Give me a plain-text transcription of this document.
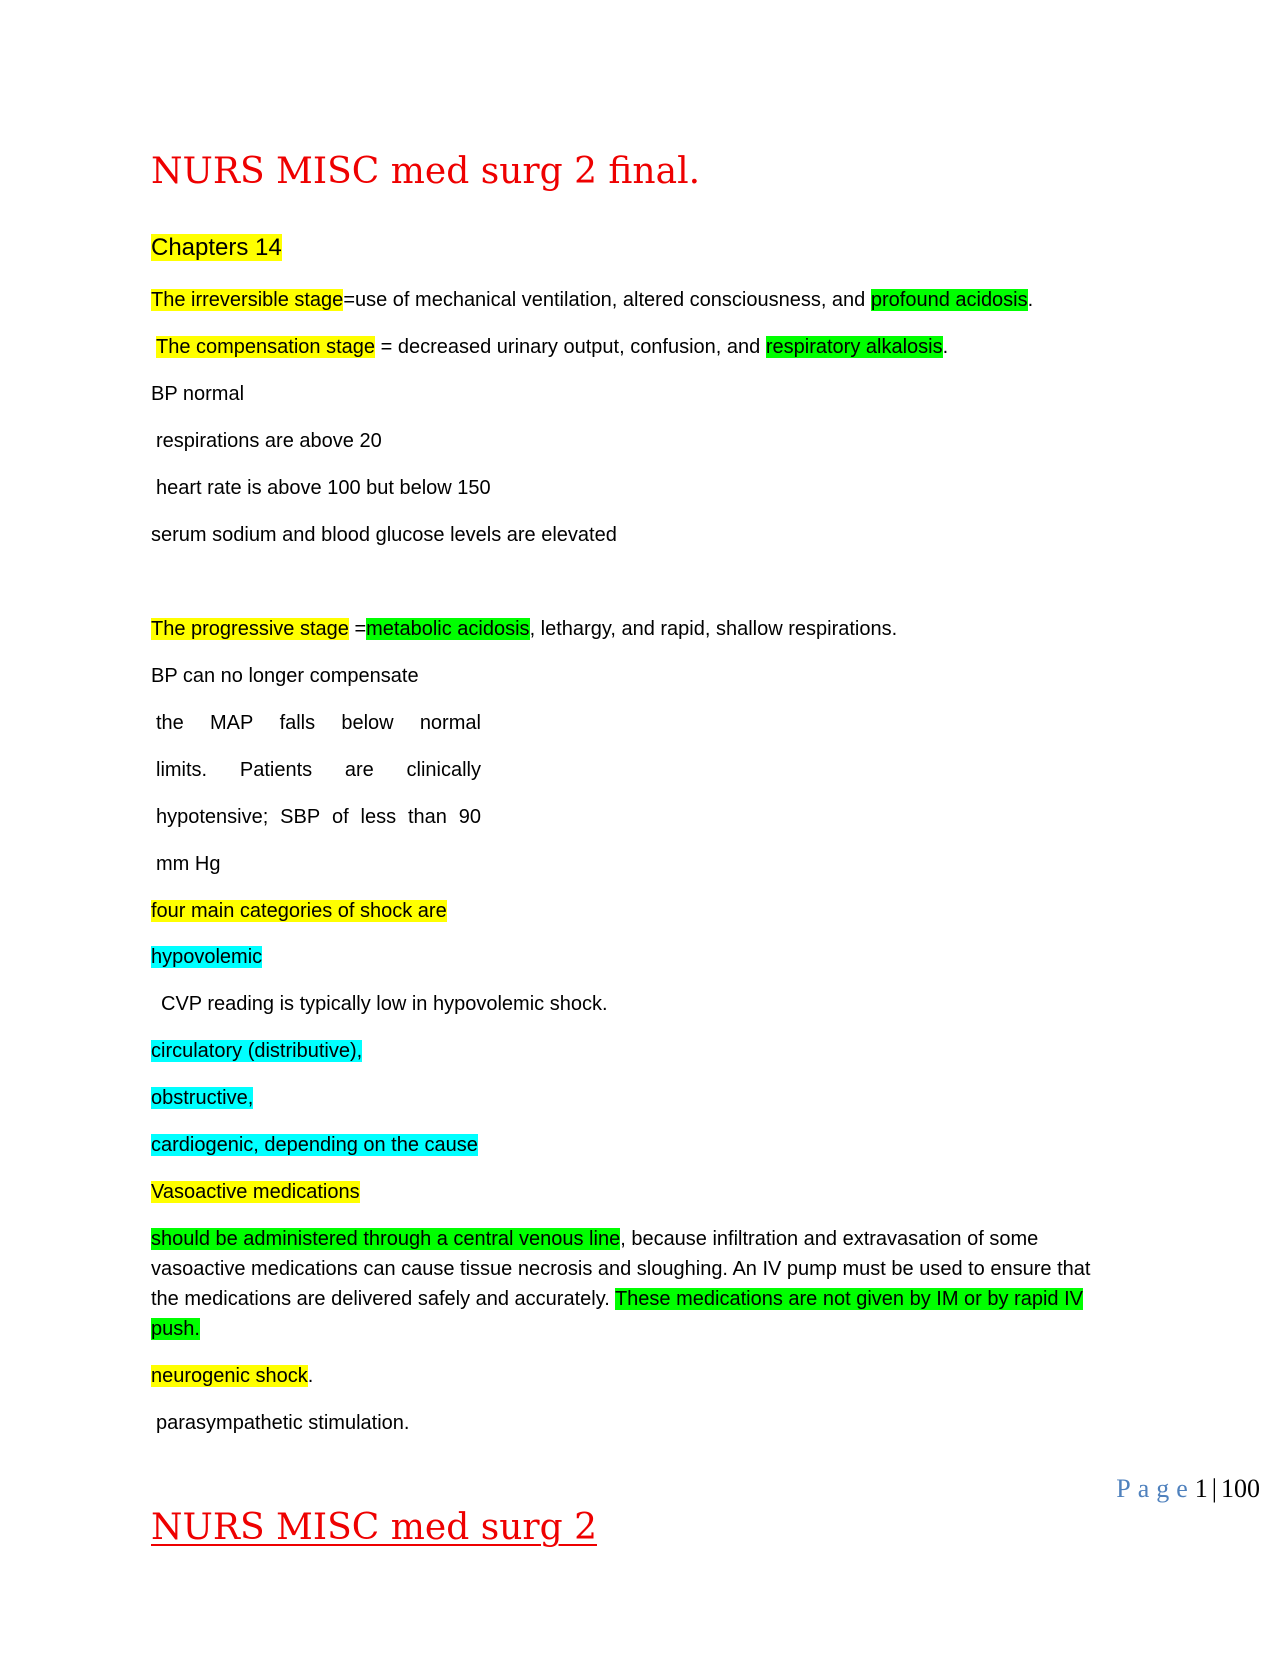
NURS MISC med surg 2 final.

Chapters 14

The irreversible stage=use of mechanical ventilation, altered consciousness, and profound acidosis.

The compensation stage = decreased urinary output, confusion, and respiratory alkalosis.

BP normal

respirations are above 20

heart rate is above 100 but below 150

serum sodium and blood glucose levels are elevated

The progressive stage =metabolic acidosis, lethargy, and rapid, shallow respirations.

BP can no longer compensate

the MAP falls below normal

limits. Patients are clinically

hypotensive; SBP of less than 90

mm Hg

four main categories of shock are

hypovolemic

CVP reading is typically low in hypovolemic shock.

circulatory (distributive),

obstructive,

cardiogenic, depending on the cause

Vasoactive medications

should be administered through a central venous line, because infiltration and extravasation of some vasoactive medications can cause tissue necrosis and sloughing. An IV pump must be used to ensure that the medications are delivered safely and accurately. These medications are not given by IM or by rapid IV push.

neurogenic shock.

parasympathetic stimulation.

Page1 | 100

NURS MISC med surg 2
